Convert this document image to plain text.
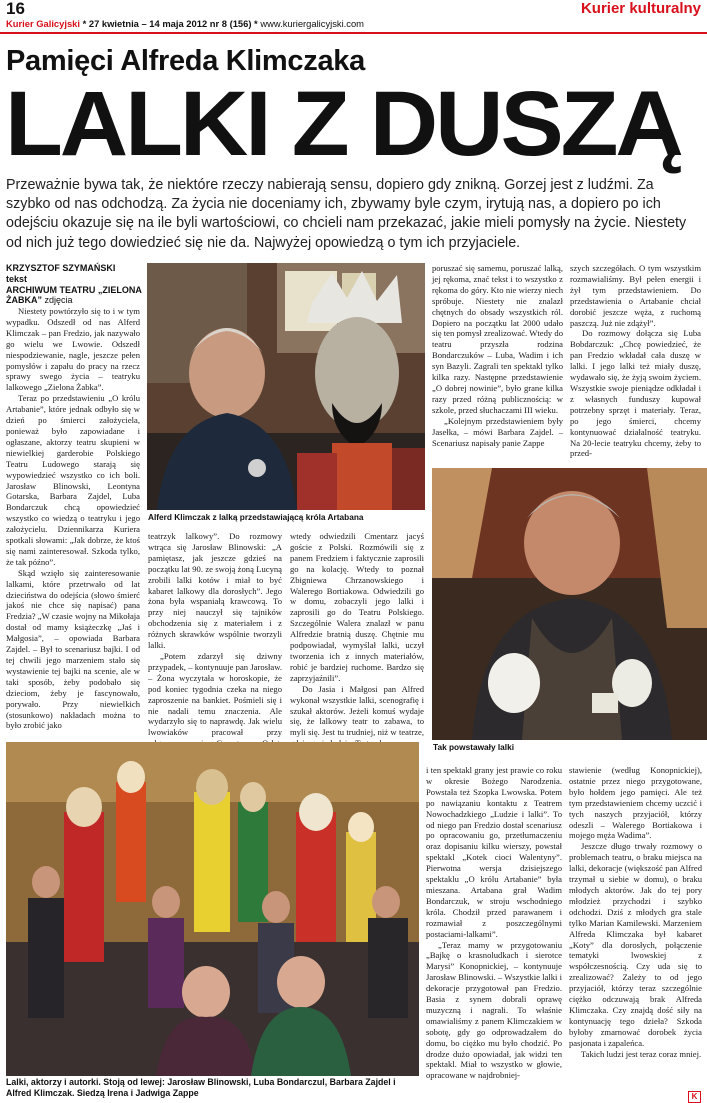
16	Kurier kulturalny
Kurier Galicyjski * 27 kwietnia – 14 maja 2012 nr 8 (156) * www.kuriergalicyjski.com
Pamięci Alfreda Klimczaka
LALKI Z DUSZĄ
Przeważnie bywa tak, że niektóre rzeczy nabierają sensu, dopiero gdy znikną. Gorzej jest z ludźmi. Za szybko od nas odchodzą. Za życia nie doceniamy ich, zbywamy byle czym, irytują nas, a dopiero po ich odejściu okazuje się na ile byli wartościowi, co chcieli nam przekazać, jakie mieli pomysły na życie. Niestety od nich już tego dowiedzieć się nie da. Najwyżej opowiedzą o tym ich przyjaciele.
KRZYSZTOF SZYMAŃSKI
tekst
ARCHIWUM TEATRU „ZIELONA ŻABKA” zdjęcia

Niestety powtórzyło się to i w tym wypadku. Odszedł od nas Alferd Klimczak – pan Fredzio, jak nazywało go wielu we Lwowie. Odszedł niespodziewanie, nagle, jeszcze pełen pomysłów i zapału do pracy na rzecz sprawy swego życia – teatryku lalkowego „Zielona Żabka”.

Teraz po przedstawieniu „O królu Artabanie”, które jednak odbyło się w dzień po śmierci założyciela, ponieważ było zapowiadane i ogłaszane, aktorzy teatru skupieni w niewielkiej garderobie Polskiego Teatru Ludowego starają się wypowiedzieć wszystko co ich boli. Jarosław Blinowski, Leontyna Gotarska, Barbara Zajdel, Luba Bondarczuk chcą opowiedzieć wszystko co wiedzą o teatryku i jego założycielu. Dziennikarza Kuriera spotkali słowami: „Jak dobrze, że ktoś się nami zainteresował. Szkoda tylko, że tak późno”.

Skąd wzięło się zainteresowanie lalkami, które przetrwało od lat dzieciństwa do odejścia (słowo śmierć jakoś nie chce się napisać) pana Fredzia? „W czasie wojny na Mikołaja dostał od mamy książeczkę „Jaś i Małgosia”, – opowiada Barbara Zajdel. – Był to scenariusz bajki. I od tej chwili jego marzeniem stało się wystawienie tej bajki na scenie, ale w taki sposób, żeby podobało się dzieciom, żeby je fascynowało, porywało. Przy niewielkich (stosunkowo) nakładach można to było zrobić jako

Alferd Klimczak z lalką przedstawiającą króla Artabana

poruszać się samemu, poruszać lalką, jej rękoma, znać tekst i to wszystko z rękoma do góry. Kto nie wierzy niech spróbuje. Niestety nie znalazł chętnych do obsady wszystkich ról. Dopiero na początku lat 2000 udało się ten pomysł zrealizować. Wtedy do teatru przyszła rodzina Bondarczuków – Luba, Wadim i ich syn Bazyli. Zagrali ten spektakl tylko kilka razy. Następne przedstawienie „O dobrej nowinie”, było grane kilka razy przed różną publicznością: w szkole, przed słuchaczami III wieku.

„Kolejnym przedstawieniem były Jasełka, – mówi Barbara Zajdel. – Scenariusz napisały panie Zappe

szych szczegółach. O tym wszystkim rozmawialiśmy. Był pełen energii i żył tym przedstawieniem. Do przedstawienia o Artabanie chciał dorobić jeszcze węża, z ruchomą paszczą. Już nie zdążył”.

Do rozmowy dołącza się Luba Bobdarczuk: „Chcę powiedzieć, że pan Fredzio wkładał cała duszę w lalki. I jego lalki też miały duszę, wydawało się, że żyją swoim życiem. Wszystkie swoje pieniądze odkładał i z własnych funduszy kupował potrzebny sprzęt i materiały. Teraz, po jego śmierci, chcemy kontynuować działalność teatryku. Na 20-lecie teatryku chcemy, żeby to przed-

teatrzyk lalkowy”. Do rozmowy wtrąca się Jarosław Blinowski: „A pamiętasz, jak jeszcze gdzieś na początku lat 90. ze swoją żoną Lucyną zrobili lalki kotów i miał to być kabaret lalkowy dla dorosłych”. Jego żona była wspaniałą krawcową. To przy niej nauczył się tajników obchodzenia się z materiałem i z różnych skrawków wspólnie tworzyli lalki.

„Potem zdarzył się dziwny przypadek, – kontynuuje pan Jarosław. – Żona wyczytała w horoskopie, że pod koniec tygodnia czeka na niego zaproszenie na bankiet. Pośmieli się i nie nadali temu znaczenia. Ale wydarzyło się to naprawdę. Jak wielu lwowiaków pracował przy

wtedy odwiedzili Cmentarz jacyś goście z Polski. Rozmówili się z panem Fredziem i faktycznie zaprosili go na kolację. Wtedy to poznał Zbigniewa Chrzanowskiego i Walerego Bortiakowa. Odwiedzili go w domu, zobaczyli jego lalki i zaprosili go do Teatru Polskiego. Szczególnie Walera znalazł w panu Alfredzie bratnią duszę. Chętnie mu podpowiadał, wymyślał lalki, uczył tworzenia ich z innych materiałów, robić je bardziej ruchome. Bardzo się zaprzyjaźnili”.

Do Jasia i Małgosi pan Alfred wykonał wszystkie lalki, scenografię i szukał aktorów. Jeżeli komuś wydaje się, że lalkowy teatr to zabawa, to myli się. Jest tu trudniej, niż w teatrze,

Tak powstawały lalki
Lalki, aktorzy i autorki. Stoją od lewej: Jarosław Blinowski, Luba Bondarczul, Barbara Zajdel i Alfred Klimczak. Siedzą Irena i Jadwiga Zappe

i ten spektakl grany jest prawie co roku w okresie Bożego Narodzenia. Powstała też Szopka Lwowska. Potem po nawiązaniu kontaktu z Teatrem Nowochadzkiego „Ludzie i lalki”. To od niego pan Fredzio dostał scenariusz po opracowaniu go, przetłumaczeniu oraz dopisaniu kilku wierszy, powstał spektakl „Kotek cioci Walentyny”. Pierwotna wersja dzisiejszego spektaklu „O królu Artabanie” była mieszana. Artabana grał Wadim Bondarczuk, w stroju wschodniego króla. Chodził przed parawanem i rozmawiał z poszczególnymi postaciami-lalkami”.

„Teraz mamy w przygotowaniu „Bajkę o krasnoludkach i sierotce Marysi” Konopnickiej, – kontynuuje Jarosław Blinowski. – Wszystkie lalki i dekoracje przygotował pan Fredzio. Basia z synem dobrali oprawę muzyczną i nagrali. To właśnie omawialiśmy z panem Klimczakiem w sobotę, gdy go odprowadzałem do domu, bo ciężko mu było chodzić. Po drodze dużo opowiadał, jak widzi ten spektakl. Miał to wszystko w głowie, opracowane w najdrobniej-

stawienie (według Konopnickiej), ostatnie przez niego przygotowane, było hołdem jego pamięci. Ale też tym przedstawieniem chcemy uczcić i tych naszych przyjaciół, którzy odeszli – Walerego Bortiakowa i mojego męża Wadima”.

Jeszcze długo trwały rozmowy o problemach teatru, o braku miejsca na lalki, dekoracje (większość pan Alfred trzymał u siebie w domu), o braku młodych aktorów. Jak do tej pory młodzież przychodzi i szybko odchodzi. Dziś z młodych gra stale tylko Marian Kamilewski. Marzeniem Alfreda Klimczaka był kabaret „Koty” dla dorosłych, połączenie tematyki lwowskiej z współczesnością. Czy uda się to zrealizować? Zależy to od jego przyjaciół, którzy teraz szczególnie ciężko odczuwają brak Alfreda Klimczaka. Czy znajdą dość siły na kontynuację tego dzieła? Szkoda byłoby zmarnować dorobek życia pasjonata i zapaleńca.

Takich ludzi jest teraz coraz mniej.

K
